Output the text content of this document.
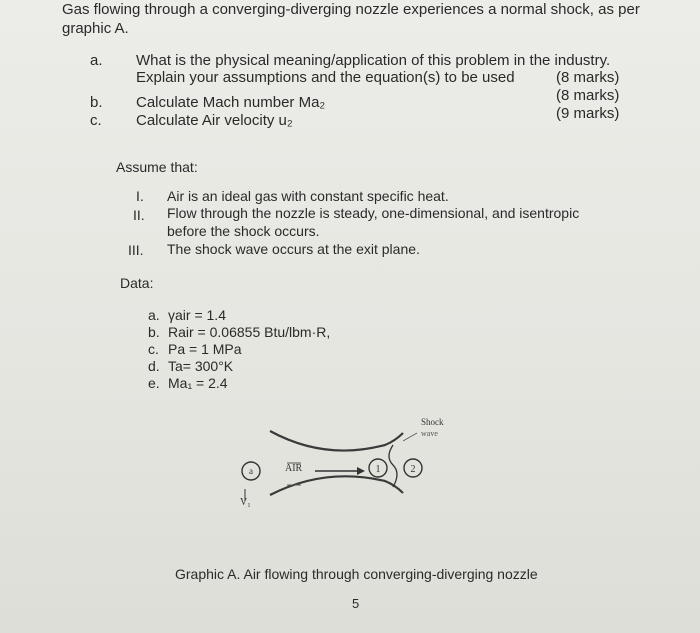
Gas flowing through a converging-diverging nozzle experiences a normal shock, as per graphic A.
a. What is the physical meaning/application of this problem in the industry.
Explain your assumptions and the equation(s) to be used	(8 marks)
b. Calculate Mach number Ma₂	(8 marks)
c. Calculate Air velocity u₂	(9 marks)
Assume that:
I. Air is an ideal gas with constant specific heat.
II. Flow through the nozzle is steady, one-dimensional, and isentropic
before the shock occurs.
III. The shock wave occurs at the exit plane.
Data:
a. γair = 1.4
b. Rair = 0.06855 Btu/lbm·R,
c. Pa = 1 MPa
d. Ta= 300°K
e. Ma₁ = 2.4
AIR
a
V₁
1	2
Shock
wave
Graphic A. Air flowing through converging-diverging nozzle
5
